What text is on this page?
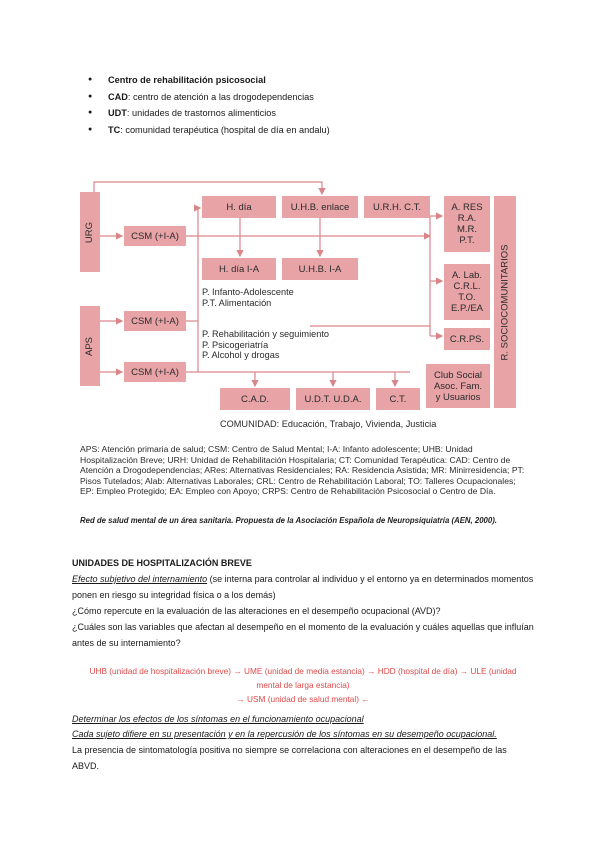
● Centro de rehabilitación psicosocial
● CAD: centro de atención a las drogodependencias
● UDT: unidades de trastornos alimenticios
● TC: comunidad terapéutica (hospital de día en andalu)
URG
APS
CSM (+I-A)
CSM (+I-A)
CSM (+I-A)
H. día	U.H.B. enlace	U.R.H. C.T.
H. día I-A	U.H.B. I-A
A. RES
R.A.
M.R.
P.T.
A. Lab.
C.R.L.
T.O.
E.P./EA
C.R.PS.
Club Social
Asoc. Fam.
y Usuarios
R. SOCIOCOMUNITARIOS
C.A.D.	U.D.T. U.D.A.	C.T.
P. Infanto-Adolescente
P.T. Alimentación
P. Rehabilitación y seguimiento
P. Psicogeriatría
P. Alcohol y drogas
COMUNIDAD: Educación, Trabajo, Vivienda, Justicia
APS: Atención primaria de salud; CSM: Centro de Salud Mental; I-A: Infanto adolescente; UHB: Unidad Hospitalización Breve; URH: Unidad de Rehabilitación Hospitalaria; CT: Comunidad Terapéutica: CAD: Centro de Atención a Drogodependencias; ARes: Alternativas Residenciales; RA: Residencia Asistida; MR: Minirresidencia; PT: Pisos Tutelados; Alab: Alternativas Laborales; CRL: Centro de Rehabilitación Laboral; TO: Talleres Ocupacionales; EP: Empleo Protegido; EA: Empleo con Apoyo; CRPS: Centro de Rehabilitación Psicosocial o Centro de Día.
Red de salud mental de un área sanitaria. Propuesta de la Asociación Española de Neuropsiquiatría (AEN, 2000).
UNIDADES DE HOSPITALIZACIÓN BREVE
Efecto subjetivo del internamiento (se interna para controlar al individuo y el entorno ya en determinados momentos ponen en riesgo su integridad física o a los demás)
¿Cómo repercute en la evaluación de las alteraciones en el desempeño ocupacional (AVD)?
¿Cuáles son las variables que afectan al desempeño en el momento de la evaluación y cuáles aquellas que influían antes de su internamiento?
UHB (unidad de hospitalización breve) → UME (unidad de media estancia) → HDD (hospital de día) → ULE (unidad
mental de larga estancia)
→ USM (unidad de salud mental) ←
Determinar los efectos de los síntomas en el funcionamiento ocupacional
Cada sujeto difiere en su presentación y en la repercusión de los síntomas en su desempeño ocupacional.
La presencia de sintomatología positiva no siempre se correlaciona con alteraciones en el desempeño de las ABVD.
